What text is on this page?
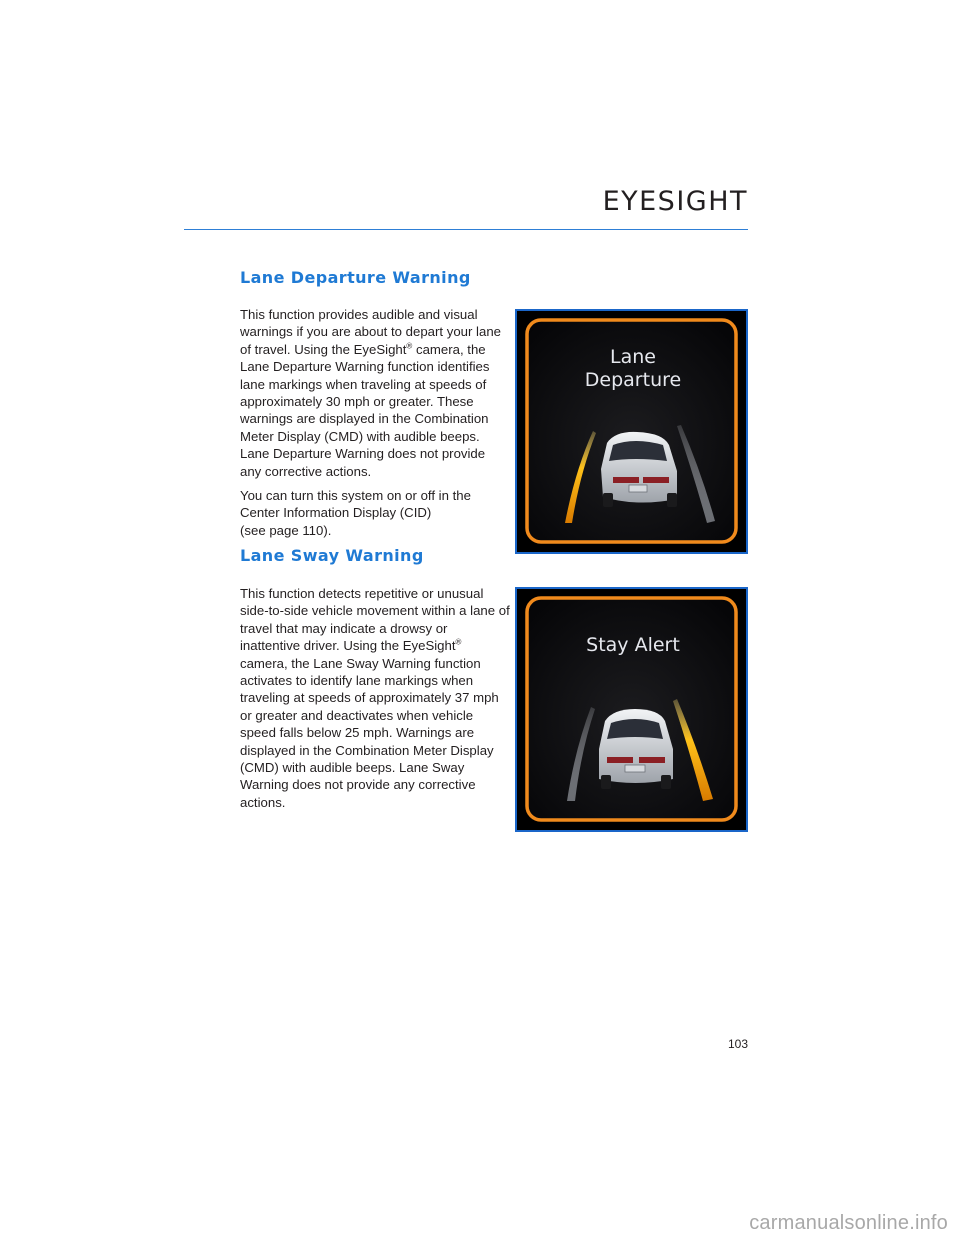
EYESIGHT
Lane Departure Warning

This function provides audible and visual warnings if you are about to depart your lane of travel. Using the EyeSight® camera, the Lane Departure Warning function identifies lane markings when traveling at speeds of approximately 30 mph or greater. These warnings are displayed in the Combination Meter Display (CMD) with audible beeps. Lane Departure Warning does not provide any corrective actions.

You can turn this system on or off in the
Center Information Display (CID)
(see page 110).

Lane
Departure
Lane Sway Warning

This function detects repetitive or unusual side-to-side vehicle movement within a lane of travel that may indicate a drowsy or inattentive driver. Using the EyeSight® camera, the Lane Sway Warning function activates to identify lane markings when traveling at speeds of approximately 37 mph or greater and deactivates when vehicle speed falls below 25 mph. Warnings are displayed in the Combination Meter Display (CMD) with audible beeps. Lane Sway Warning does not provide any corrective actions.

Stay Alert
103
carmanualsonline.info
